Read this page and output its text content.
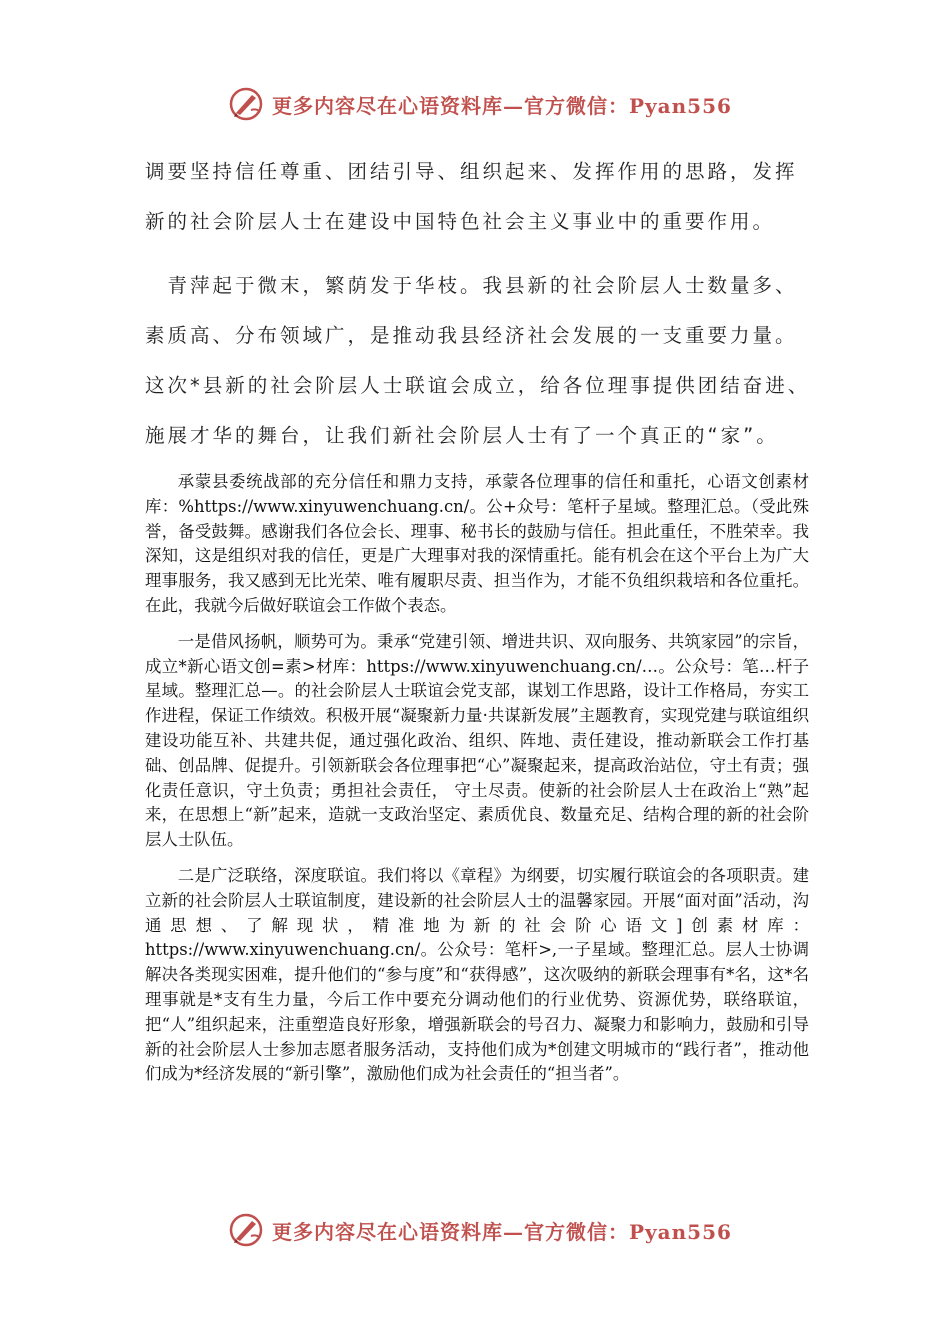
更多内容尽在心语资料库—官方微信：Pyan556
调要坚持信任尊重、团结引导、组织起来、发挥作用的思路，发挥
新的社会阶层人士在建设中国特色社会主义事业中的重要作用。
　青萍起于微末，繁荫发于华枝。我县新的社会阶层人士数量多、
素质高、分布领域广，是推动我县经济社会发展的一支重要力量。
这次*县新的社会阶层人士联谊会成立，给各位理事提供团结奋进、
施展才华的舞台，让我们新社会阶层人士有了一个真正的“家”。

承蒙县委统战部的充分信任和鼎力支持，承蒙各位理事的信任和重托，心语文创素材库：%https://www.xinyuwenchuang.cn/。公+众号：笔杆子星域。整理汇总。（受此殊誉，备受鼓舞。感谢我们各位会长、理事、秘书长的鼓励与信任。担此重任，不胜荣幸。我深知，这是组织对我的信任，更是广大理事对我的深情重托。能有机会在这个平台上为广大理事服务，我又感到无比光荣、唯有履职尽责、担当作为，才能不负组织栽培和各位重托。在此，我就今后做好联谊会工作做个表态。

一是借风扬帆，顺势可为。秉承“党建引领、增进共识、双向服务、共筑家园”的宗旨，成立*新心语文创=素>材库：https://www.xinyuwenchuang.cn/…。公众号：笔…杆子星域。整理汇总—。的社会阶层人士联谊会党支部，谋划工作思路，设计工作格局，夯实工作进程，保证工作绩效。积极开展“凝聚新力量·共谋新发展”主题教育，实现党建与联谊组织建设功能互补、共建共促，通过强化政治、组织、阵地、责任建设，推动新联会工作打基础、创品牌、促提升。引领新联会各位理事把“心”凝聚起来，提高政治站位，守土有责；强化责任意识，守土负责；勇担社会责任， 守土尽责。使新的社会阶层人士在政治上“熟”起来，在思想上“新”起来，造就一支政治坚定、素质优良、数量充足、结构合理的新的社会阶层人士队伍。

二是广泛联络，深度联谊。我们将以《章程》为纲要，切实履行联谊会的各项职责。建立新的社会阶层人士联谊制度，建设新的社会阶层人士的温馨家园。开展“面对面”活动，沟通思想、了解现状，精准地为新的社会阶心语文]创素材库：https://www.xinyuwenchuang.cn/。公众号：笔杆>,一子星域。整理汇总。层人士协调解决各类现实困难，提升他们的“参与度”和“获得感”，这次吸纳的新联会理事有*名，这*名理事就是*支有生力量，今后工作中要充分调动他们的行业优势、资源优势，联络联谊，把“人”组织起来，注重塑造良好形象，增强新联会的号召力、凝聚力和影响力，鼓励和引导新的社会阶层人士参加志愿者服务活动，支持他们成为*创建文明城市的“践行者”，推动他们成为*经济发展的“新引擎”，激励他们成为社会责任的“担当者”。

更多内容尽在心语资料库—官方微信：Pyan556
